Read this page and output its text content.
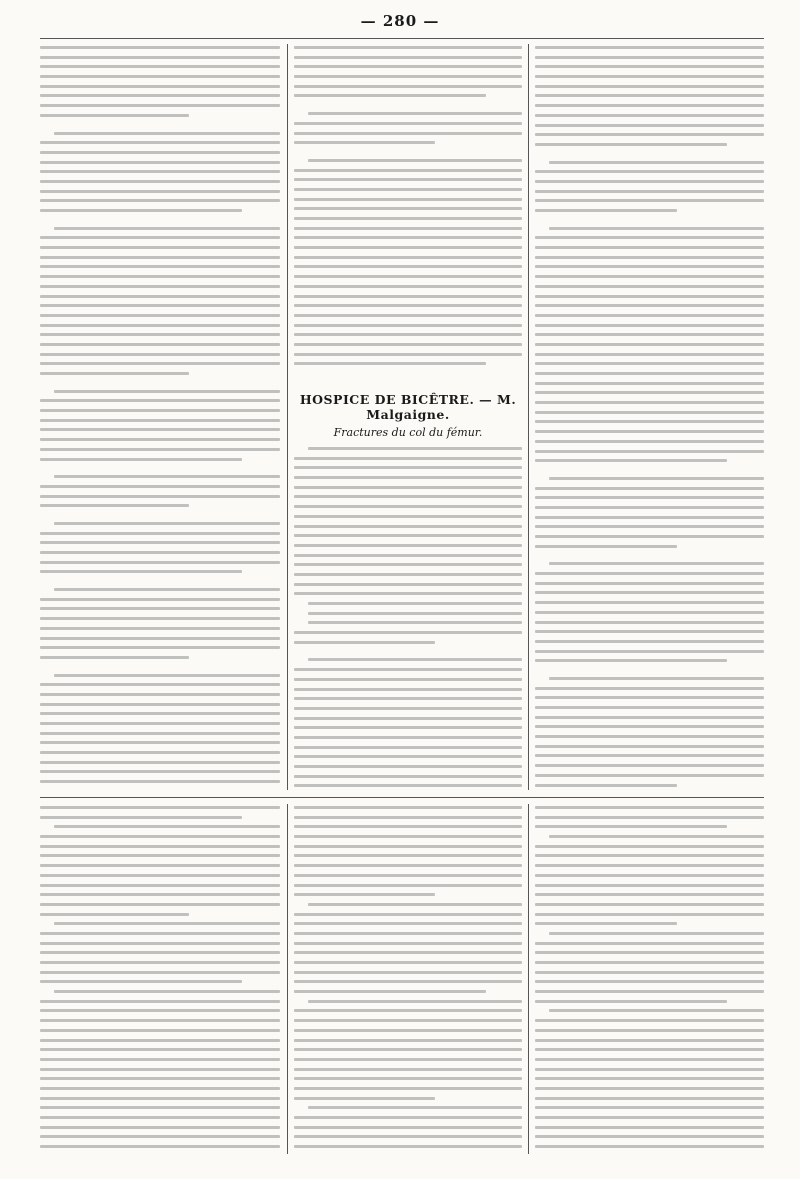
— 280 —
HOSPICE DE BICÊTRE. — M. Malgaigne.
Fractures du col du fémur.
